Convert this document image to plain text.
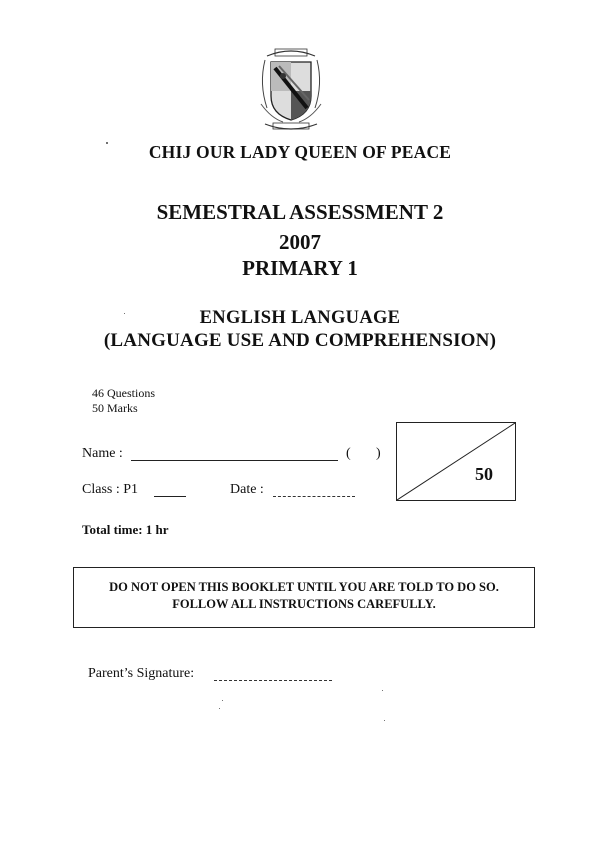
CHIJ OUR LADY QUEEN OF PEACE
SEMESTRAL ASSESSMENT 2
2007
PRIMARY 1
ENGLISH LANGUAGE
(LANGUAGE USE AND COMPREHENSION)
46 Questions
50 Marks
Name :	( )
Class : P1	Date :
50
Total time: 1 hr
DO NOT OPEN THIS BOOKLET UNTIL YOU ARE TOLD TO DO SO.
FOLLOW ALL INSTRUCTIONS CAREFULLY.
Parent’s Signature:
